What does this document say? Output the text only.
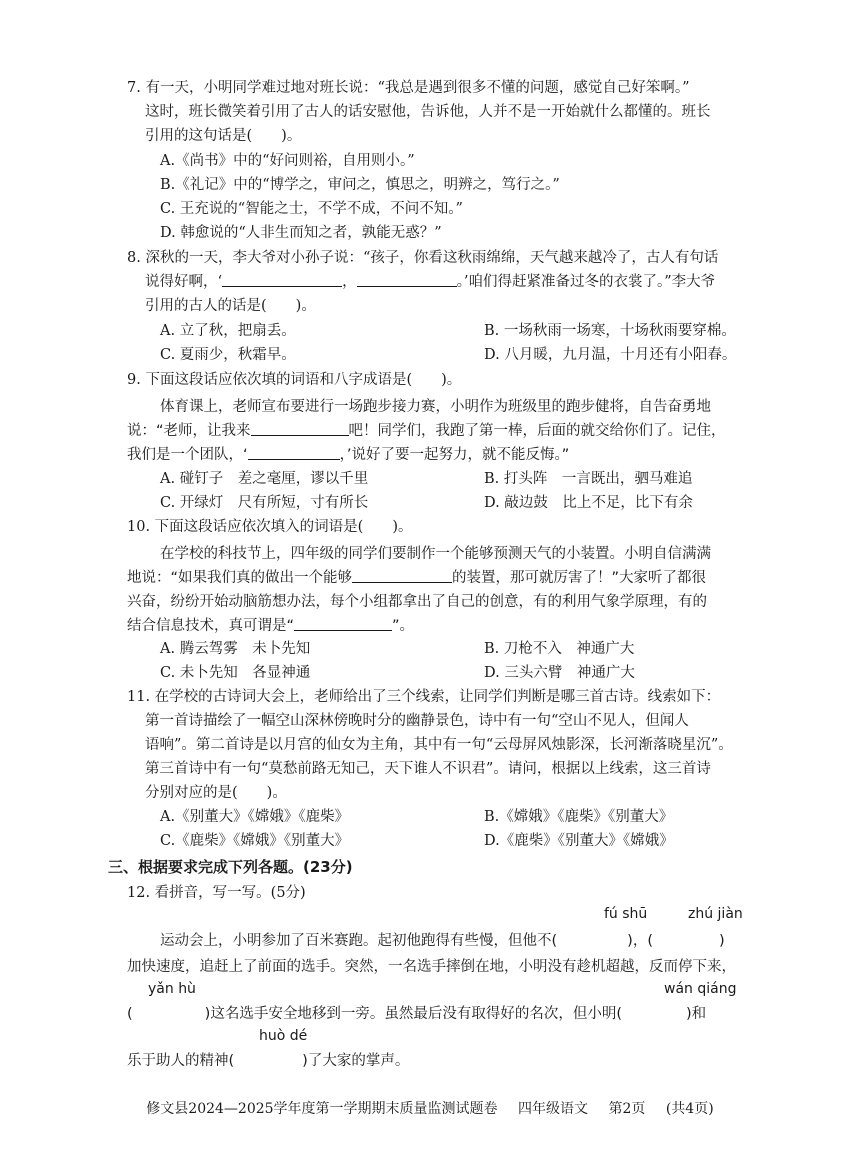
7. 有一天，小明同学难过地对班长说：“我总是遇到很多不懂的问题，感觉自己好笨啊。”
这时，班长微笑着引用了古人的话安慰他，告诉他，人并不是一开始就什么都懂的。班长
引用的这句话是(　　)。
A.《尚书》中的“好问则裕，自用则小。”
B.《礼记》中的“博学之，审问之，慎思之，明辨之，笃行之。”
C. 王充说的“智能之士，不学不成，不问不知。”
D. 韩愈说的“人非生而知之者，孰能无惑？”
8. 深秋的一天，李大爷对小孙子说：“孩子，你看这秋雨绵绵，天气越来越冷了，古人有句话
说得好啊，‘	，	。’咱们得赶紧准备过冬的衣裳了。”李大爷
引用的古人的话是(　　)。
A. 立了秋，把扇丢。	B. 一场秋雨一场寒，十场秋雨要穿棉。
C. 夏雨少，秋霜早。	D. 八月暖，九月温，十月还有小阳春。
9. 下面这段话应依次填的词语和八字成语是(　　)。
体育课上，老师宣布要进行一场跑步接力赛，小明作为班级里的跑步健将，自告奋勇地
说：“老师，让我来	吧！同学们，我跑了第一棒，后面的就交给你们了。记住，
我们是一个团队，‘	，’说好了要一起努力，就不能反悔。”
A. 碰钉子　差之毫厘，谬以千里	B. 打头阵　一言既出，驷马难追
C. 开绿灯　尺有所短，寸有所长	D. 敲边鼓　比上不足，比下有余
10. 下面这段话应依次填入的词语是(　　)。
在学校的科技节上，四年级的同学们要制作一个能够预测天气的小装置。小明自信满满
地说：“如果我们真的做出一个能够	的装置，那可就厉害了！”大家听了都很
兴奋，纷纷开始动脑筋想办法，每个小组都拿出了自己的创意，有的利用气象学原理，有的
结合信息技术，真可谓是“	”。
A. 腾云驾雾　未卜先知	B. 刀枪不入　神通广大
C. 未卜先知　各显神通	D. 三头六臂　神通广大
11. 在学校的古诗词大会上，老师给出了三个线索，让同学们判断是哪三首古诗。线索如下：
第一首诗描绘了一幅空山深林傍晚时分的幽静景色，诗中有一句“空山不见人，但闻人
语响”。第二首诗是以月宫的仙女为主角，其中有一句“云母屏风烛影深，长河渐落晓星沉”。
第三首诗中有一句“莫愁前路无知己，天下谁人不识君”。请问，根据以上线索，这三首诗
分别对应的是(　　)。
A.《别董大》《嫦娥》《鹿柴》	B.《嫦娥》《鹿柴》《别董大》
C.《鹿柴》《嫦娥》《别董大》	D.《鹿柴》《别董大》《嫦娥》
三、根据要求完成下列各题。(23分)
12. 看拼音，写一写。(5分)
fú shū	zhú jiàn
运动会上，小明参加了百米赛跑。起初他跑得有些慢，但他不(	)，(	)
加快速度，追赶上了前面的选手。突然，一名选手摔倒在地，小明没有趁机超越，反而停下来，
yǎn hù	wán qiáng
(	)这名选手安全地移到一旁。虽然最后没有取得好的名次，但小明(	)和
huò dé
乐于助人的精神(	)了大家的掌声。
修文县2024—2025学年度第一学期期末质量监测试题卷 四年级语文 第2页 (共4页)
